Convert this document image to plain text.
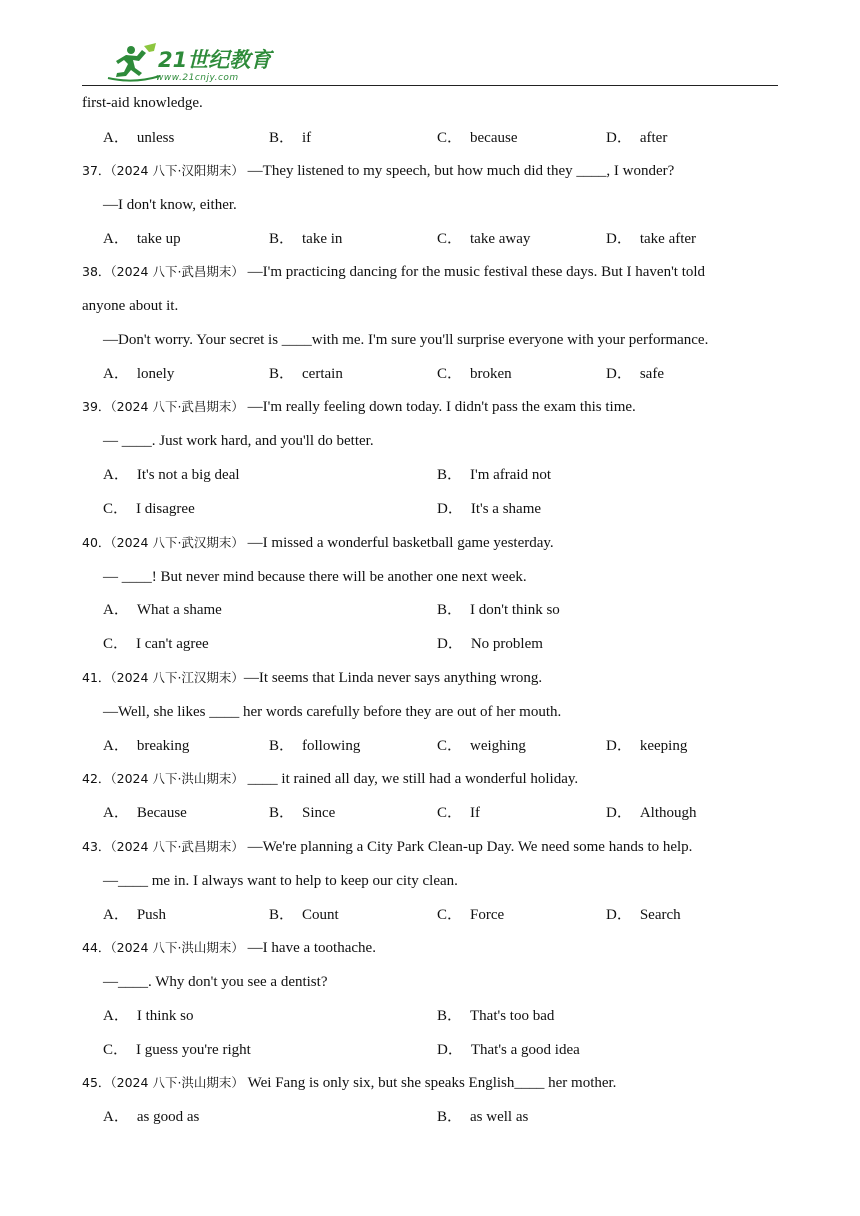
21世纪教育
www.21cnjy.com
first-aid knowledge.
A． unless	B． if	C． because	D． after
37．（2024 八下·汉阳期末） —They listened to my speech, but how much did they ____, I wonder?
—I don't know, either.
A． take up	B． take in	C． take away	D． take after
38．（2024 八下·武昌期末） —I'm practicing dancing for the music festival these days. But I haven't told
anyone about it.
—Don't worry. Your secret is ____with me. I'm sure you'll surprise everyone with your performance.
A． lonely	B． certain	C． broken	D． safe
39．（2024 八下·武昌期末） —I'm really feeling down today. I didn't pass the exam this time.
— ____. Just work hard, and you'll do better.
A． It's not a big deal	B． I'm afraid not
C． I disagree	D． It's a shame
40．（2024 八下·武汉期末） —I missed a wonderful basketball game yesterday.
— ____! But never mind because there will be another one next week.
A． What a shame	B． I don't think so
C． I can't agree	D． No problem
41．（2024 八下·江汉期末）—It seems that Linda never says anything wrong.
—Well, she likes ____ her words carefully before they are out of her mouth.
A． breaking	B． following	C． weighing	D． keeping
42．（2024 八下·洪山期末） ____ it rained all day, we still had a wonderful holiday.
A． Because	B． Since	C． If	D． Although
43．（2024 八下·武昌期末） —We're planning a City Park Clean-up Day. We need some hands to help.
—____ me in. I always want to help to keep our city clean.
A． Push	B． Count	C． Force	D． Search
44．（2024 八下·洪山期末） —I have a toothache.
—____. Why don't you see a dentist?
A． I think so	B． That's too bad
C． I guess you're right	D． That's a good idea
45．（2024 八下·洪山期末） Wei Fang is only six, but she speaks English____ her mother.
A． as good as	B． as well as
